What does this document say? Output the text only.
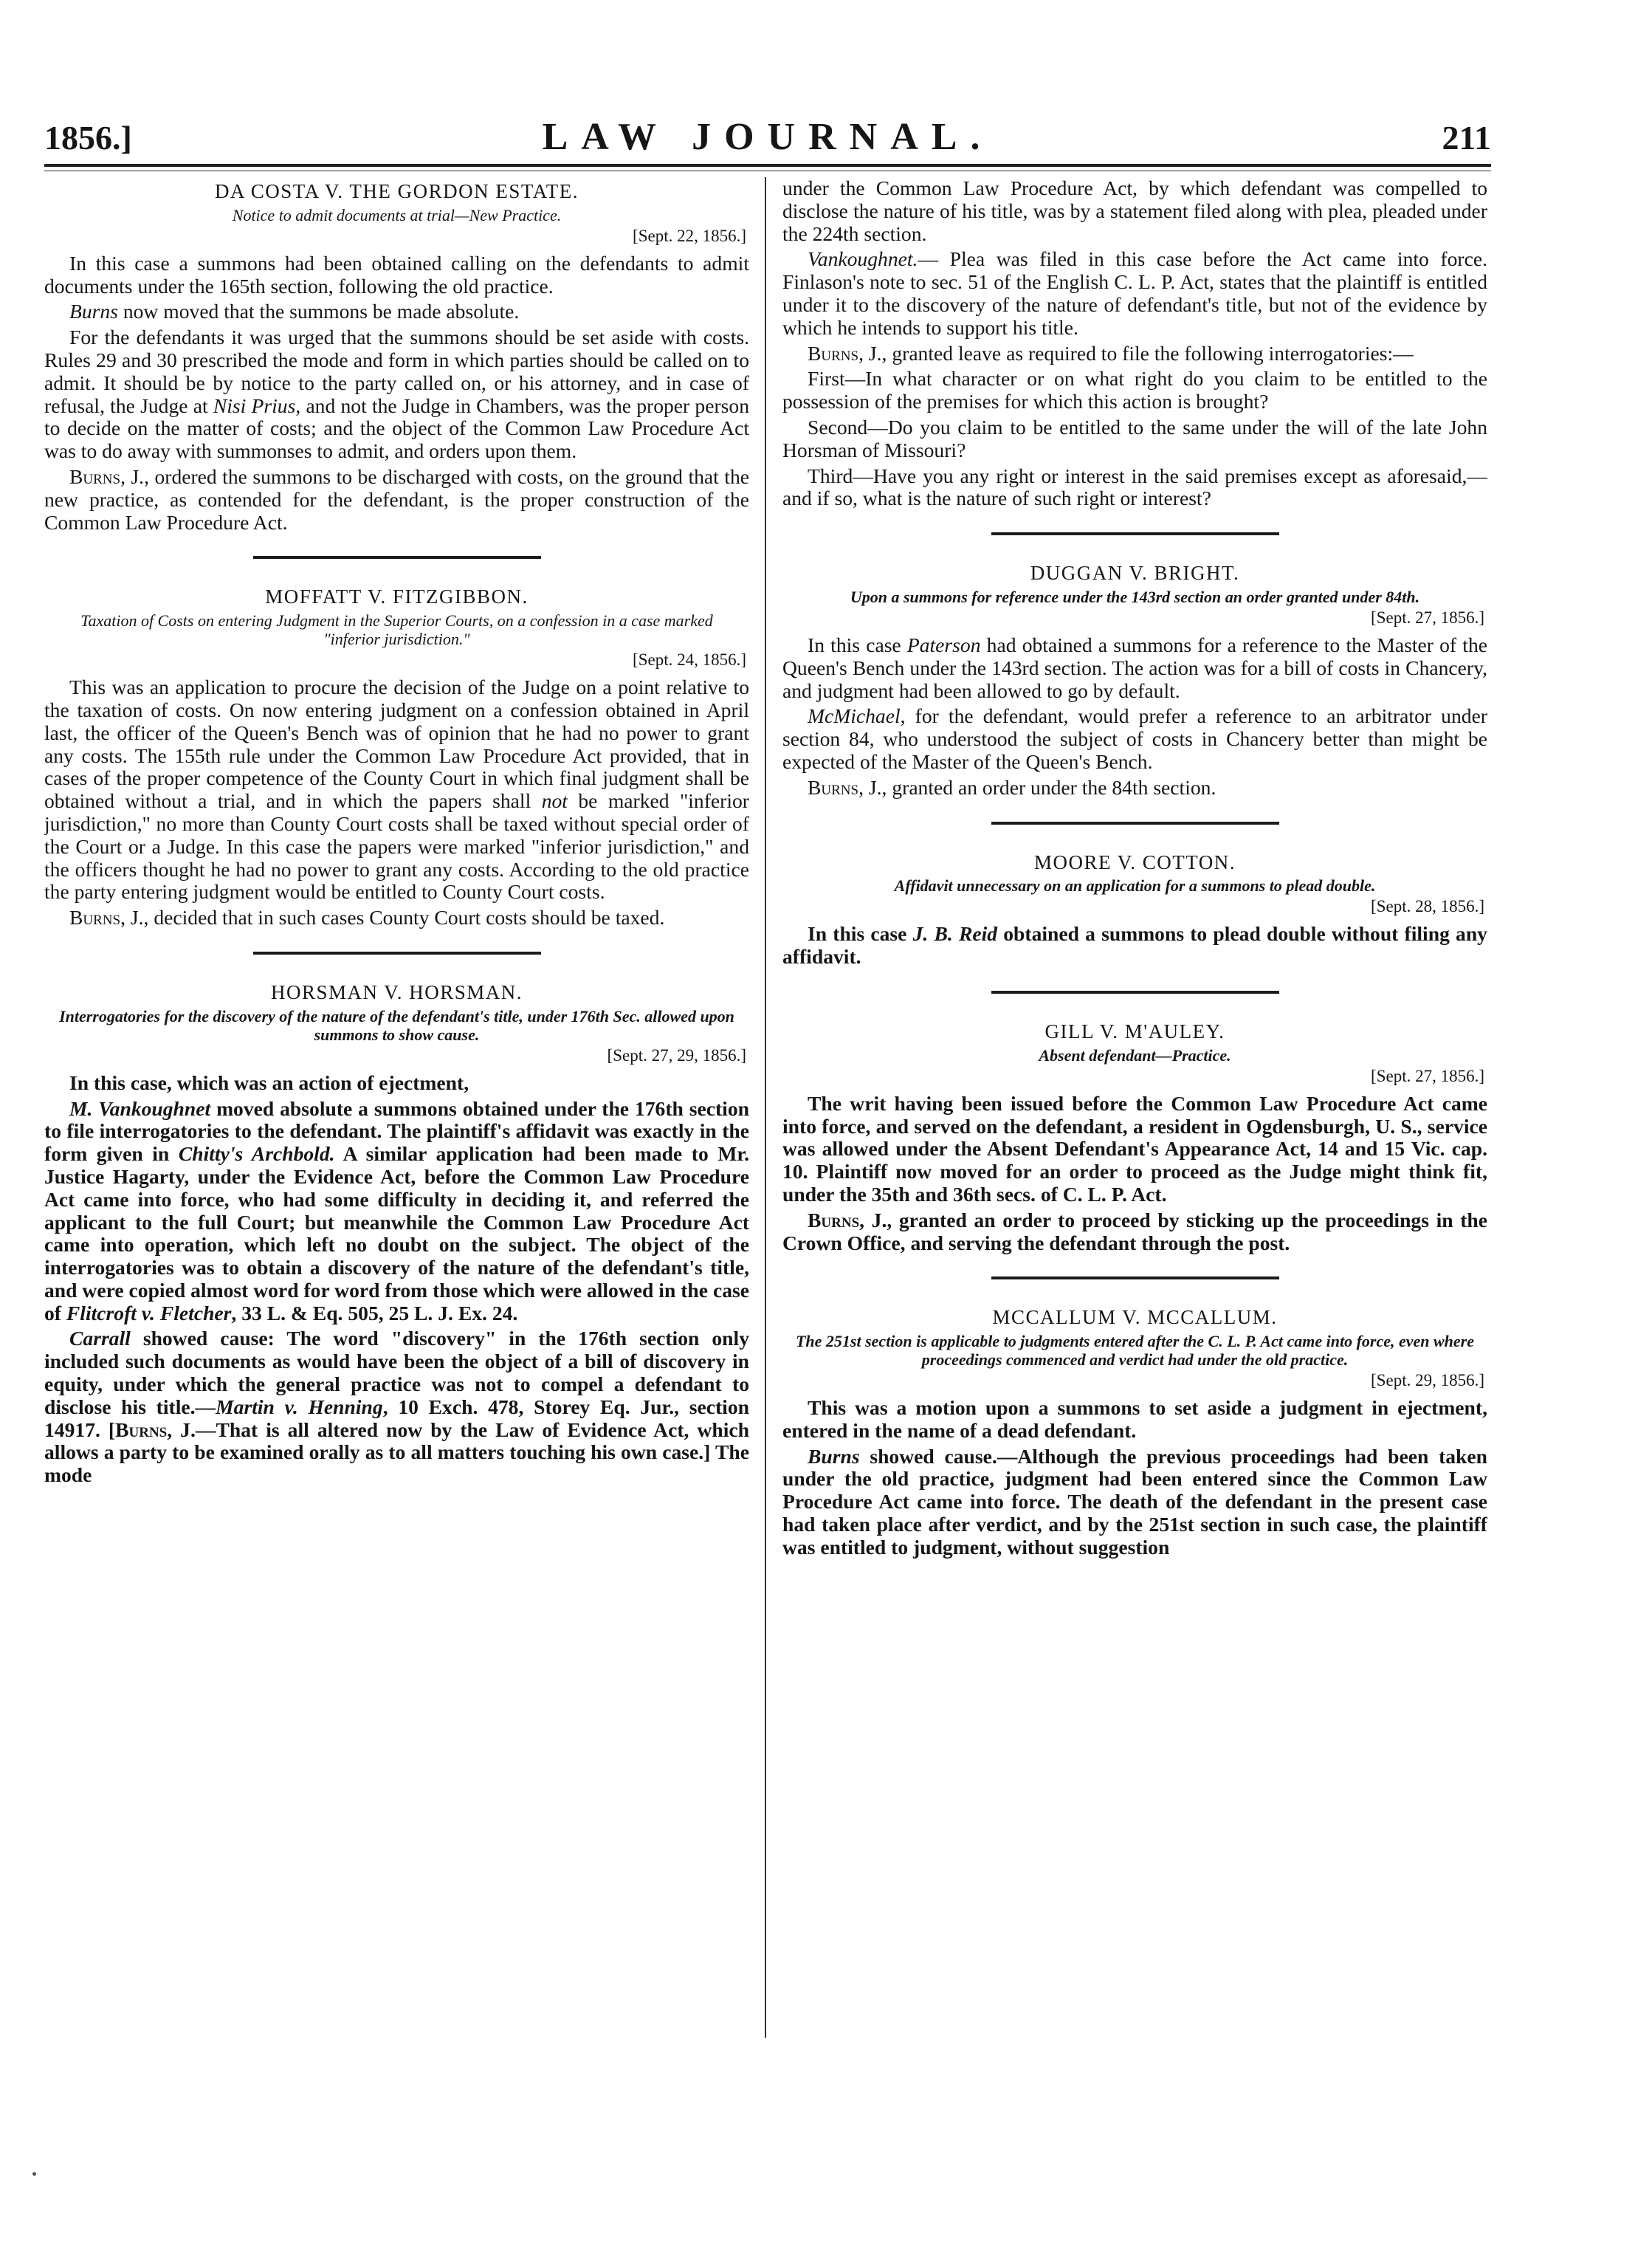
1856.]	LAW JOURNAL.	211
DA COSTA V. THE GORDON ESTATE.
Notice to admit documents at trial—New Practice.
[Sept. 22, 1856.]

In this case a summons had been obtained calling on the defendants to admit documents under the 165th section, following the old practice.

Burns now moved that the summons be made absolute.

For the defendants it was urged that the summons should be set aside with costs. Rules 29 and 30 prescribed the mode and form in which parties should be called on to admit. It should be by notice to the party called on, or his attorney, and in case of refusal, the Judge at Nisi Prius, and not the Judge in Chambers, was the proper person to decide on the matter of costs; and the object of the Common Law Procedure Act was to do away with summonses to admit, and orders upon them.

Burns, J., ordered the summons to be discharged with costs, on the ground that the new practice, as contended for the defendant, is the proper construction of the Common Law Procedure Act.

MOFFATT V. FITZGIBBON.
Taxation of Costs on entering Judgment in the Superior Courts, on a confession in a case marked "inferior jurisdiction."
[Sept. 24, 1856.]

This was an application to procure the decision of the Judge on a point relative to the taxation of costs. On now entering judgment on a confession obtained in April last, the officer of the Queen's Bench was of opinion that he had no power to grant any costs. The 155th rule under the Common Law Procedure Act provided, that in cases of the proper competence of the County Court in which final judgment shall be obtained without a trial, and in which the papers shall not be marked "inferior jurisdiction," no more than County Court costs shall be taxed without special order of the Court or a Judge. In this case the papers were marked "inferior jurisdiction," and the officers thought he had no power to grant any costs. According to the old practice the party entering judgment would be entitled to County Court costs.

Burns, J., decided that in such cases County Court costs should be taxed.

HORSMAN V. HORSMAN.
Interrogatories for the discovery of the nature of the defendant's title, under 176th Sec. allowed upon summons to show cause.
[Sept. 27, 29, 1856.]

In this case, which was an action of ejectment,

M. Vankoughnet moved absolute a summons obtained under the 176th section to file interrogatories to the defendant. The plaintiff's affidavit was exactly in the form given in Chitty's Archbold. A similar application had been made to Mr. Justice Hagarty, under the Evidence Act, before the Common Law Procedure Act came into force, who had some difficulty in deciding it, and referred the applicant to the full Court; but meanwhile the Common Law Procedure Act came into operation, which left no doubt on the subject. The object of the interrogatories was to obtain a discovery of the nature of the defendant's title, and were copied almost word for word from those which were allowed in the case of Flitcroft v. Fletcher, 33 L. & Eq. 505, 25 L. J. Ex. 24.

Carrall showed cause: The word "discovery" in the 176th section only included such documents as would have been the object of a bill of discovery in equity, under which the general practice was not to compel a defendant to disclose his title.—Martin v. Henning, 10 Exch. 478, Storey Eq. Jur., section 14917. [Burns, J.—That is all altered now by the Law of Evidence Act, which allows a party to be examined orally as to all matters touching his own case.] The mode

under the Common Law Procedure Act, by which defendant was compelled to disclose the nature of his title, was by a statement filed along with plea, pleaded under the 224th section.

Vankoughnet.— Plea was filed in this case before the Act came into force. Finlason's note to sec. 51 of the English C. L. P. Act, states that the plaintiff is entitled under it to the discovery of the nature of defendant's title, but not of the evidence by which he intends to support his title.

Burns, J., granted leave as required to file the following interrogatories:—

First—In what character or on what right do you claim to be entitled to the possession of the premises for which this action is brought?

Second—Do you claim to be entitled to the same under the will of the late John Horsman of Missouri?

Third—Have you any right or interest in the said premises except as aforesaid,—and if so, what is the nature of such right or interest?

DUGGAN V. BRIGHT.
Upon a summons for reference under the 143rd section an order granted under 84th.
[Sept. 27, 1856.]

In this case Paterson had obtained a summons for a reference to the Master of the Queen's Bench under the 143rd section. The action was for a bill of costs in Chancery, and judgment had been allowed to go by default.

McMichael, for the defendant, would prefer a reference to an arbitrator under section 84, who understood the subject of costs in Chancery better than might be expected of the Master of the Queen's Bench.

Burns, J., granted an order under the 84th section.

MOORE V. COTTON.
Affidavit unnecessary on an application for a summons to plead double.
[Sept. 28, 1856.]

In this case J. B. Reid obtained a summons to plead double without filing any affidavit.

GILL V. M'AULEY.
Absent defendant—Practice.
[Sept. 27, 1856.]

The writ having been issued before the Common Law Procedure Act came into force, and served on the defendant, a resident in Ogdensburgh, U. S., service was allowed under the Absent Defendant's Appearance Act, 14 and 15 Vic. cap. 10. Plaintiff now moved for an order to proceed as the Judge might think fit, under the 35th and 36th secs. of C. L. P. Act.

Burns, J., granted an order to proceed by sticking up the proceedings in the Crown Office, and serving the defendant through the post.

MCCALLUM V. MCCALLUM.
The 251st section is applicable to judgments entered after the C. L. P. Act came into force, even where proceedings commenced and verdict had under the old practice.
[Sept. 29, 1856.]

This was a motion upon a summons to set aside a judgment in ejectment, entered in the name of a dead defendant.

Burns showed cause.—Although the previous proceedings had been taken under the old practice, judgment had been entered since the Common Law Procedure Act came into force. The death of the defendant in the present case had taken place after verdict, and by the 251st section in such case, the plaintiff was entitled to judgment, without suggestion
